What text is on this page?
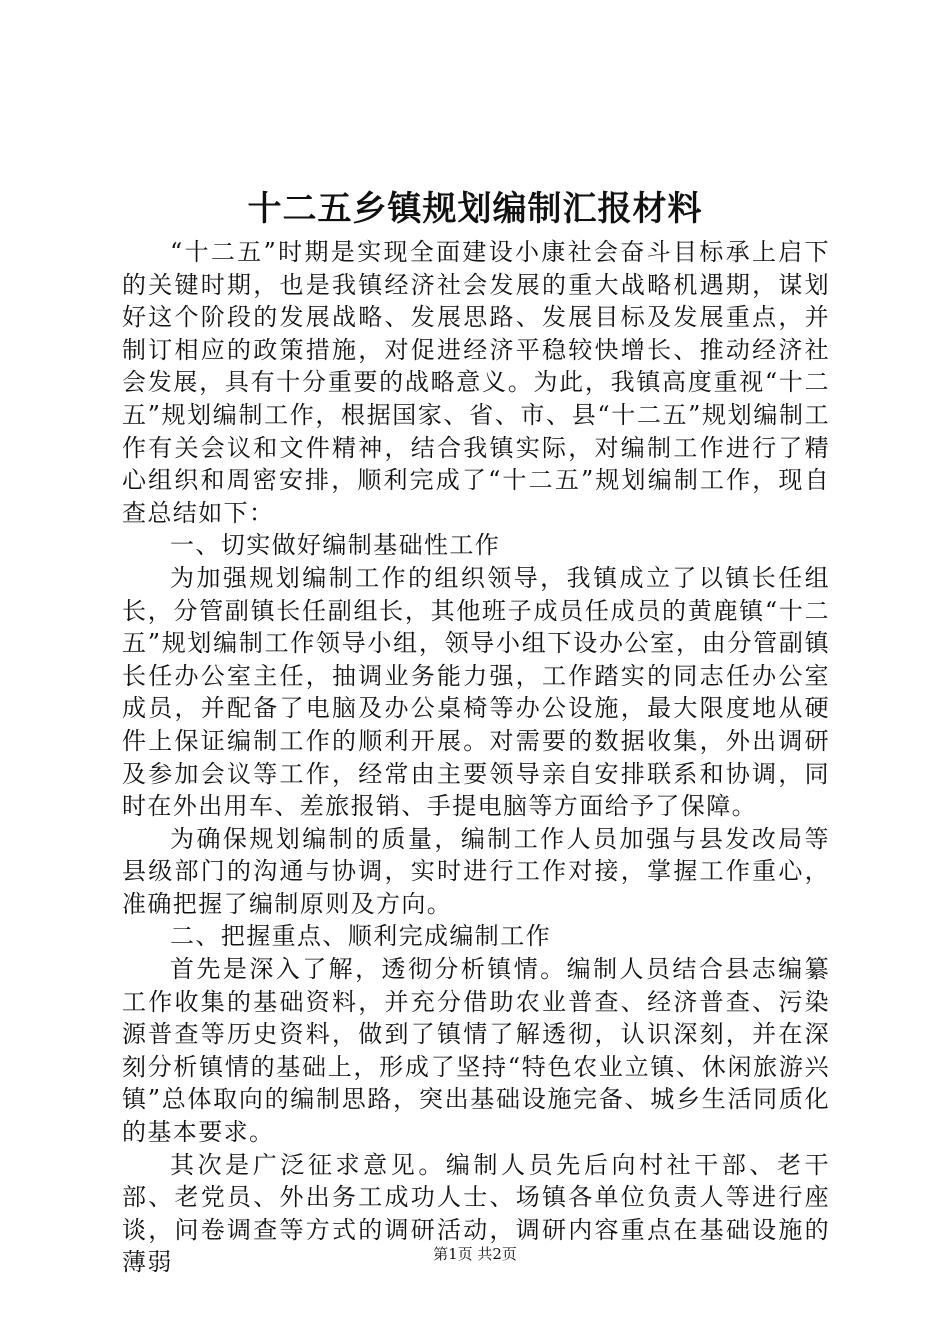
十二五乡镇规划编制汇报材料

“十二五”时期是实现全面建设小康社会奋斗目标承上启下的关键时期，也是我镇经济社会发展的重大战略机遇期，谋划好这个阶段的发展战略、发展思路、发展目标及发展重点，并制订相应的政策措施，对促进经济平稳较快增长、推动经济社会发展，具有十分重要的战略意义。为此，我镇高度重视“十二五”规划编制工作，根据国家、省、市、县“十二五”规划编制工作有关会议和文件精神，结合我镇实际，对编制工作进行了精心组织和周密安排，顺利完成了“十二五”规划编制工作，现自查总结如下：

一、切实做好编制基础性工作

为加强规划编制工作的组织领导，我镇成立了以镇长任组长，分管副镇长任副组长，其他班子成员任成员的黄鹿镇“十二五”规划编制工作领导小组，领导小组下设办公室，由分管副镇长任办公室主任，抽调业务能力强，工作踏实的同志任办公室成员，并配备了电脑及办公桌椅等办公设施，最大限度地从硬件上保证编制工作的顺利开展。对需要的数据收集，外出调研及参加会议等工作，经常由主要领导亲自安排联系和协调，同时在外出用车、差旅报销、手提电脑等方面给予了保障。

为确保规划编制的质量，编制工作人员加强与县发改局等县级部门的沟通与协调，实时进行工作对接，掌握工作重心，准确把握了编制原则及方向。

二、把握重点、顺利完成编制工作

首先是深入了解，透彻分析镇情。编制人员结合县志编纂工作收集的基础资料，并充分借助农业普查、经济普查、污染源普查等历史资料，做到了镇情了解透彻，认识深刻，并在深刻分析镇情的基础上，形成了坚持“特色农业立镇、休闲旅游兴镇”总体取向的编制思路，突出基础设施完备、城乡生活同质化的基本要求。

其次是广泛征求意见。编制人员先后向村社干部、老干部、老党员、外出务工成功人士、场镇各单位负责人等进行座谈，问卷调查等方式的调研活动，调研内容重点在基础设施的薄弱	第1页 共2页
